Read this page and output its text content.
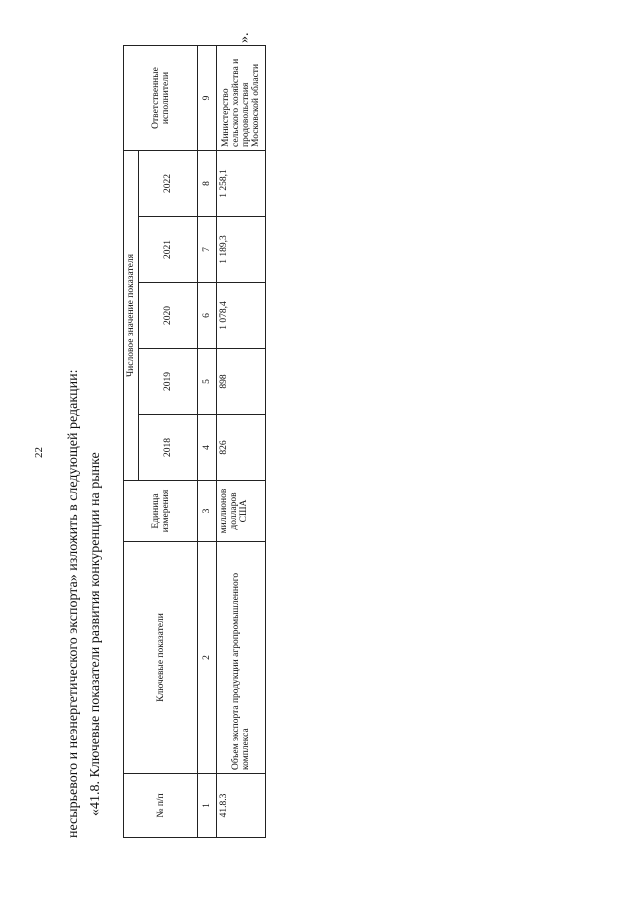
22 несырьевого и неэнергетического экспорта» изложить в следующей редакции: «41.8. Ключевые показатели развития конкуренции на рынке	№ п/п	Ключевые показатели	Единица измерения	Числовое значение показателя					Ответственные исполнители
			2018	2019	2020	2021	2022	
1	2	3	4	5	6	7	8	9
41.8.3	Объем экспорта продукции агропромышленного комплекса	миллионов долларов США	826	898	1 078,4	1 189,3	1 258,1	Министерство сельского хозяйства и продовольствия Московской области
».
